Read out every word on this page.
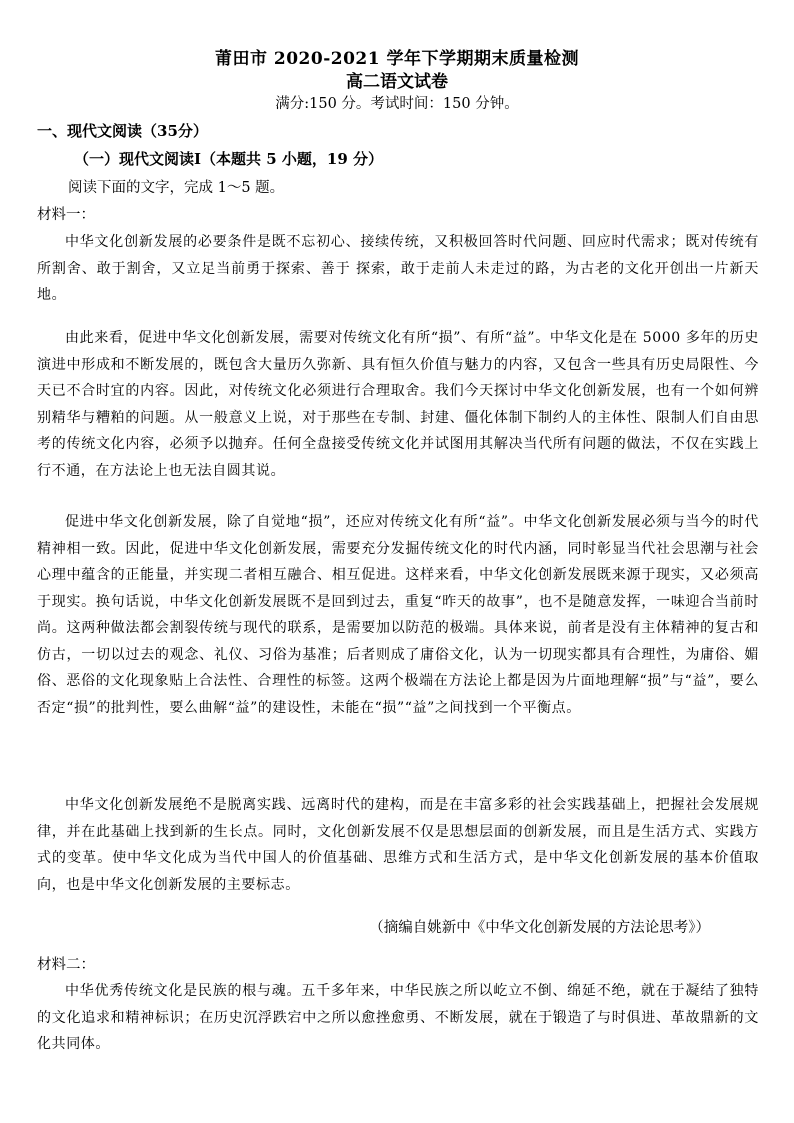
莆田市 2020-2021 学年下学期期末质量检测
高二语文试卷
满分:150 分。考试时间：150 分钟。
一、现代文阅读（35分）
（一）现代文阅读Ⅰ（本题共 5 小题，19 分）
阅读下面的文字，完成 1～5 题。
材料一：
中华文化创新发展的必要条件是既不忘初心、接续传统，又积极回答时代问题、回应时代需求；既对传统有所割舍、敢于割舍，又立足当前勇于探索、善于 探索，敢于走前人未走过的路，为古老的文化开创出一片新天地。
由此来看，促进中华文化创新发展，需要对传统文化有所“损”、有所“益”。中华文化是在 5000 多年的历史演进中形成和不断发展的，既包含大量历久弥新、具有恒久价值与魅力的内容，又包含一些具有历史局限性、今天已不合时宜的内容。因此，对传统文化必须进行合理取舍。我们今天探讨中华文化创新发展，也有一个如何辨别精华与糟粕的问题。从一般意义上说，对于那些在专制、封建、僵化体制下制约人的主体性、限制人们自由思考的传统文化内容，必须予以抛弃。任何全盘接受传统文化并试图用其解决当代所有问题的做法，不仅在实践上行不通，在方法论上也无法自圆其说。
促进中华文化创新发展，除了自觉地“损”，还应对传统文化有所“益”。中华文化创新发展必须与当今的时代精神相一致。因此，促进中华文化创新发展，需要充分发掘传统文化的时代内涵，同时彰显当代社会思潮与社会心理中蕴含的正能量，并实现二者相互融合、相互促进。这样来看，中华文化创新发展既来源于现实，又必须高于现实。换句话说，中华文化创新发展既不是回到过去，重复“昨天的故事”，也不是随意发挥，一味迎合当前时尚。这两种做法都会割裂传统与现代的联系，是需要加以防范的极端。具体来说，前者是没有主体精神的复古和仿古，一切以过去的观念、礼仪、习俗为基准；后者则成了庸俗文化，认为一切现实都具有合理性，为庸俗、媚俗、恶俗的文化现象贴上合法性、合理性的标签。这两个极端在方法论上都是因为片面地理解“损”与“益”，要么否定“损”的批判性，要么曲解“益”的建设性，未能在“损”“益”之间找到一个平衡点。
中华文化创新发展绝不是脱离实践、远离时代的建构，而是在丰富多彩的社会实践基础上，把握社会发展规律，并在此基础上找到新的生长点。同时，文化创新发展不仅是思想层面的创新发展，而且是生活方式、实践方式的变革。使中华文化成为当代中国人的价值基础、思维方式和生活方式，是中华文化创新发展的基本价值取向，也是中华文化创新发展的主要标志。
（摘编自姚新中《中华文化创新发展的方法论思考》）
材料二：
中华优秀传统文化是民族的根与魂。五千多年来，中华民族之所以屹立不倒、绵延不绝，就在于凝结了独特的文化追求和精神标识；在历史沉浮跌宕中之所以愈挫愈勇、不断发展，就在于锻造了与时俱进、革故鼎新的文化共同体。
